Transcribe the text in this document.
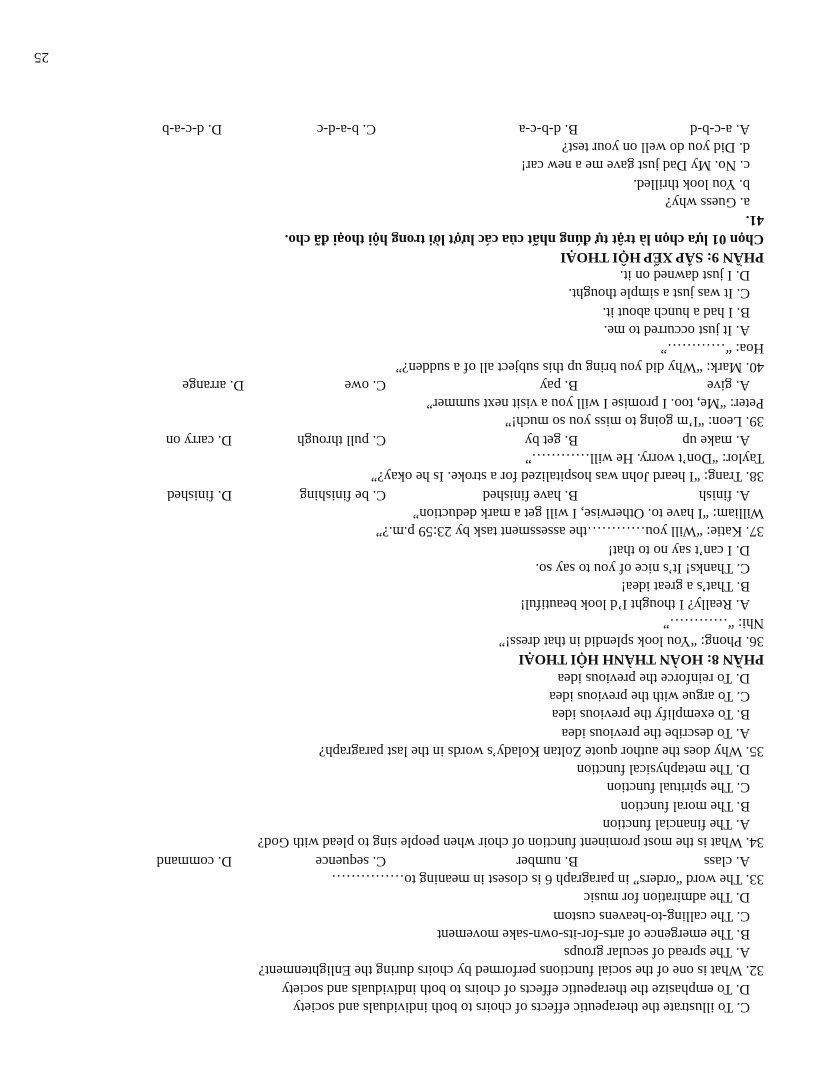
C. To illustrate the therapeutic effects of choirs to both individuals and society
D. To emphasize the therapeutic effects of choirs to both individuals and society
32. What is one of the social functions performed by choirs during the Enlightenment?
A. The spread of secular groups
B. The emergence of arts-for-its-own-sake movement
C. The calling-to-heavens custom
D. The admiration for music
33. The word “orders” in paragraph 6 is closest in meaning to……………
A. class
B. number
C. sequence
D. command
34. What is the most prominent function of choir when people sing to plead with God?
A. The financial function
B. The moral function
C. The spiritual function
D. The metaphysical function
35. Why does the author quote Zoltan Kolady’s words in the last paragraph?
A. To describe the previous idea
B. To exemplify the previous idea
C. To argue with the previous idea
D. To reinforce the previous idea
PHẦN 8: HOÀN THÀNH HỘI THOẠI
36. Phong: “You look splendid in that dress!”
Nhi: “…………”
A. Really? I thought I’d look beautiful!
B. That’s a great idea!
C. Thanks! It’s nice of you to say so.
D. I can’t say no to that!
37. Katie: “Will you…………the assessment task by 23:59 p.m.?”
William: “I have to. Otherwise, I will get a mark deduction”
A. finish
B. have finished
C. be finishing
D. finished
38. Trang: “I heard John was hospitalized for a stroke. Is he okay?”
Taylor: “Don’t worry. He will…………”
A. make up
B. get by
C. pull through
D. carry on
39. Leon: “I’m going to miss you so much!”
Peter: “Me, too. I promise I will you a visit next summer”
A. give
B. pay
C. owe
D. arrange
40. Mark: “Why did you bring up this subject all of a sudden?”
Hoa: “…………”
A. It just occurred to me.
B. I had a hunch about it.
C. It was just a simple thought.
D. I just dawned on it.
PHẦN 9: SẮP XẾP HỘI THOẠI
Chọn 01 lựa chọn là trật tự đúng nhất của các lượt lời trong hội thoại đã cho.
41.
a. Guess why?
b. You look thrilled.
c. No. My Dad just gave me a new car!
d. Did you do well on your test?
A. a-c-b-d
B. d-b-c-a
C. b-a-d-c
D. d-c-a-b
25
